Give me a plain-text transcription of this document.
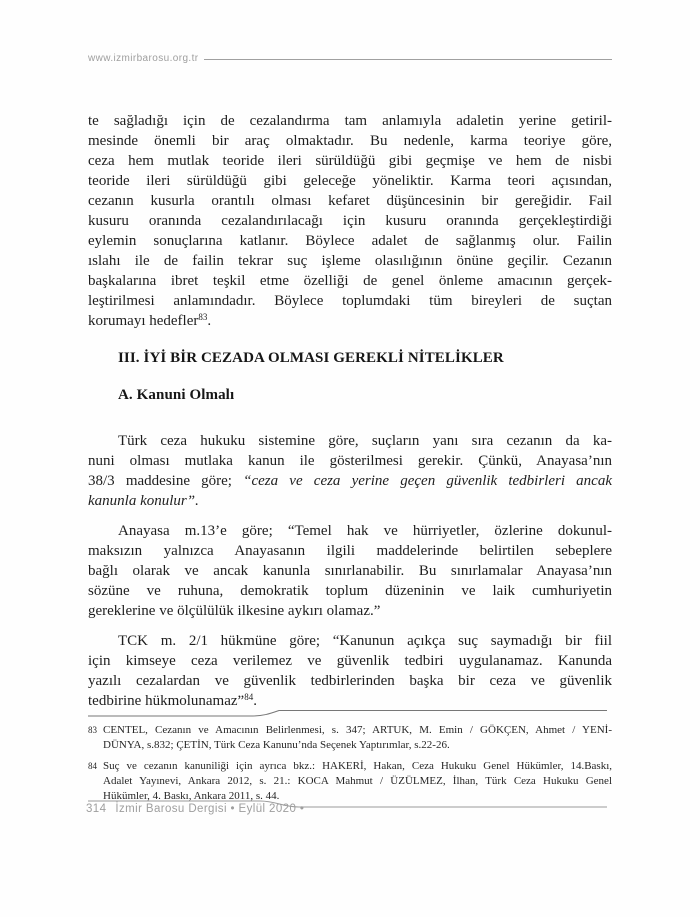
www.izmirbarosu.org.tr
te sağladığı için de cezalandırma tam anlamıyla adaletin yerine getiril-
mesinde önemli bir araç olmaktadır. Bu nedenle, karma teoriye göre,
ceza hem mutlak teoride ileri sürüldüğü gibi geçmişe ve hem de nisbi
teoride ileri sürüldüğü gibi geleceğe yöneliktir. Karma teori açısından,
cezanın kusurla orantılı olması kefaret düşüncesinin bir gereğidir. Fail
kusuru oranında cezalandırılacağı için kusuru oranında gerçekleştirdiği
eylemin sonuçlarına katlanır. Böylece adalet de sağlanmış olur. Failin
ıslahı ile de failin tekrar suç işleme olasılığının önüne geçilir. Cezanın
başkalarına ibret teşkil etme özelliği de genel önleme amacının gerçek-
leştirilmesi anlamındadır. Böylece toplumdaki tüm bireyleri de suçtan
korumayı hedefler$^{83}$.
III. İYİ BİR CEZADA OLMASI GEREKLİ NİTELİKLER
A. Kanuni Olmalı
Türk ceza hukuku sistemine göre, suçların yanı sıra cezanın da ka-
nuni olması mutlaka kanun ile gösterilmesi gerekir. Çünkü, Anayasa’nın
38/3 maddesine göre; “ceza ve ceza yerine geçen güvenlik tedbirleri ancak
kanunla konulur”.
Anayasa m.13’e göre; “Temel hak ve hürriyetler, özlerine dokunul-
maksızın yalnızca Anayasanın ilgili maddelerinde belirtilen sebeplere
bağlı olarak ve ancak kanunla sınırlanabilir. Bu sınırlamalar Anayasa’nın
sözüne ve ruhuna, demokratik toplum düzeninin ve laik cumhuriyetin
gereklerine ve ölçülülük ilkesine aykırı olamaz.”
TCK m. 2/1 hükmüne göre; “Kanunun açıkça suç saymadığı bir fiil
için kimseye ceza verilemez ve güvenlik tedbiri uygulanamaz. Kanunda
yazılı cezalardan ve güvenlik tedbirlerinden başka bir ceza ve güvenlik
tedbirine hükmolunamaz”$^{84}$.
83 CENTEL, Cezanın ve Amacının Belirlenmesi, s. 347; ARTUK, M. Emin / GÖKÇEN, Ahmet / YENİ-
DÜNYA, s.832; ÇETİN, Türk Ceza Kanunu’nda Seçenek Yaptırımlar, s.22-26.
84 Suç ve cezanın kanuniliği için ayrıca bkz.: HAKERİ, Hakan, Ceza Hukuku Genel Hükümler, 14.Baskı,
Adalet Yayınevi, Ankara 2012, s. 21.: KOCA Mahmut / ÜZÜLMEZ, İlhan, Türk Ceza Hukuku Genel
Hükümler, 4. Baskı, Ankara 2011, s. 44.
314 İzmir Barosu Dergisi • Eylül 2020 •
